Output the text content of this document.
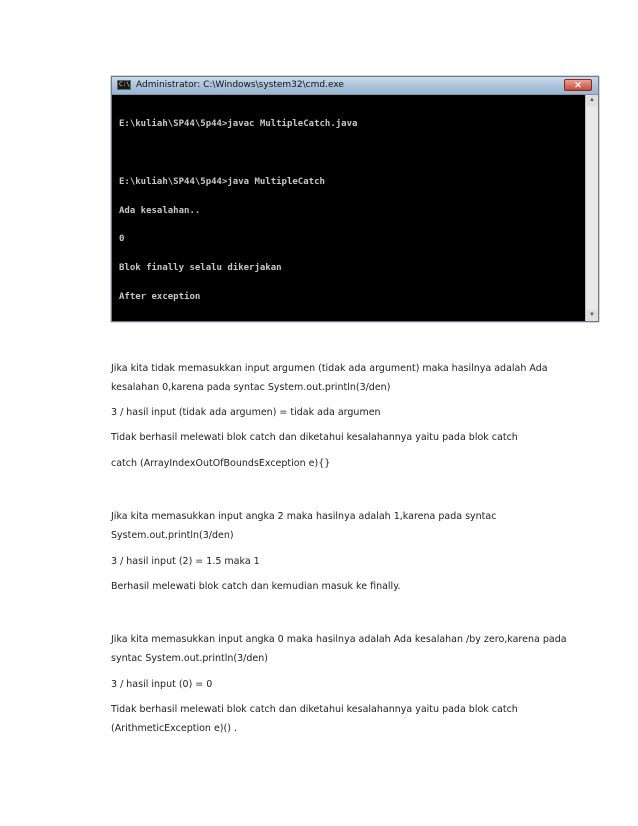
C:\ Administrator: C:\Windows\system32\cmd.exe	✕

E:\kuliah\SP44\5p44>javac MultipleCatch.java

E:\kuliah\SP44\5p44>java MultipleCatch

Ada kesalahan..

0

Blok finally selalu dikerjakan

After exception

▲
▼
Jika kita tidak memasukkan input argumen (tidak ada argument) maka hasilnya adalah Ada kesalahan 0,karena pada syntac System.out.println(3/den)
3 / hasil input (tidak ada argumen) = tidak ada argumen
Tidak berhasil melewati blok catch dan diketahui kesalahannya yaitu pada blok catch
catch (ArrayIndexOutOfBoundsException e){}
Jika kita memasukkan input angka 2 maka hasilnya adalah 1,karena pada syntac System.out.println(3/den)
3 / hasil input (2) = 1.5 maka 1
Berhasil melewati blok catch dan kemudian masuk ke finally.
Jika kita memasukkan input angka 0 maka hasilnya adalah Ada kesalahan /by zero,karena pada syntac System.out.println(3/den)
3 / hasil input (0) = 0
Tidak berhasil melewati blok catch dan diketahui kesalahannya yaitu pada blok catch (ArithmeticException e)() .
